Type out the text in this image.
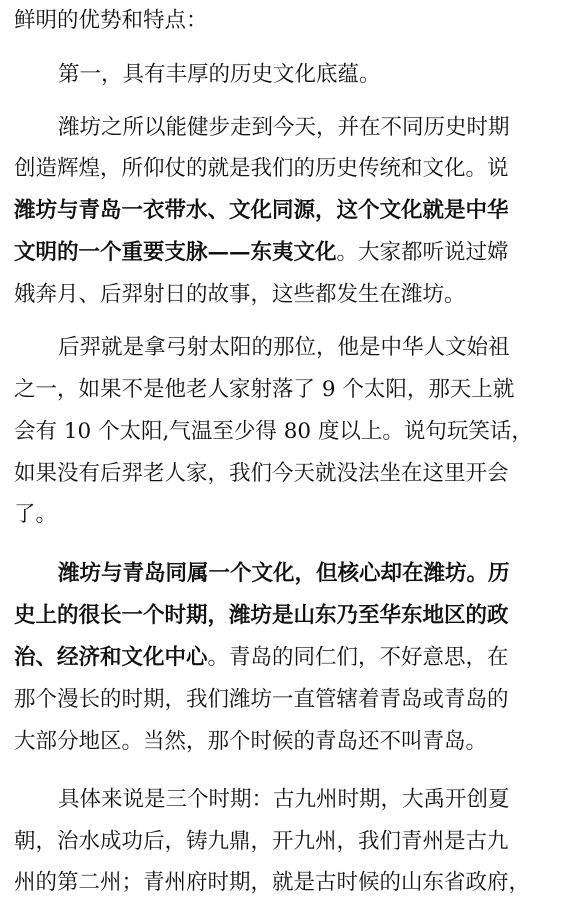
鲜明的优势和特点：
第一，具有丰厚的历史文化底蕴。
潍坊之所以能健步走到今天，并在不同历史时期
创造辉煌，所仰仗的就是我们的历史传统和文化。说
潍坊与青岛一衣带水、文化同源，这个文化就是中华
文明的一个重要支脉——东夷文化。大家都听说过嫦
娥奔月、后羿射日的故事，这些都发生在潍坊。
后羿就是拿弓射太阳的那位，他是中华人文始祖
之一，如果不是他老人家射落了 9 个太阳，那天上就
会有 10 个太阳,气温至少得 80 度以上。说句玩笑话，
如果没有后羿老人家，我们今天就没法坐在这里开会
了。
潍坊与青岛同属一个文化，但核心却在潍坊。历
史上的很长一个时期，潍坊是山东乃至华东地区的政
治、经济和文化中心。青岛的同仁们，不好意思，在
那个漫长的时期，我们潍坊一直管辖着青岛或青岛的
大部分地区。当然，那个时候的青岛还不叫青岛。
具体来说是三个时期：古九州时期，大禹开创夏
朝，治水成功后，铸九鼎，开九州，我们青州是古九
州的第二州；青州府时期，就是古时候的山东省政府，
